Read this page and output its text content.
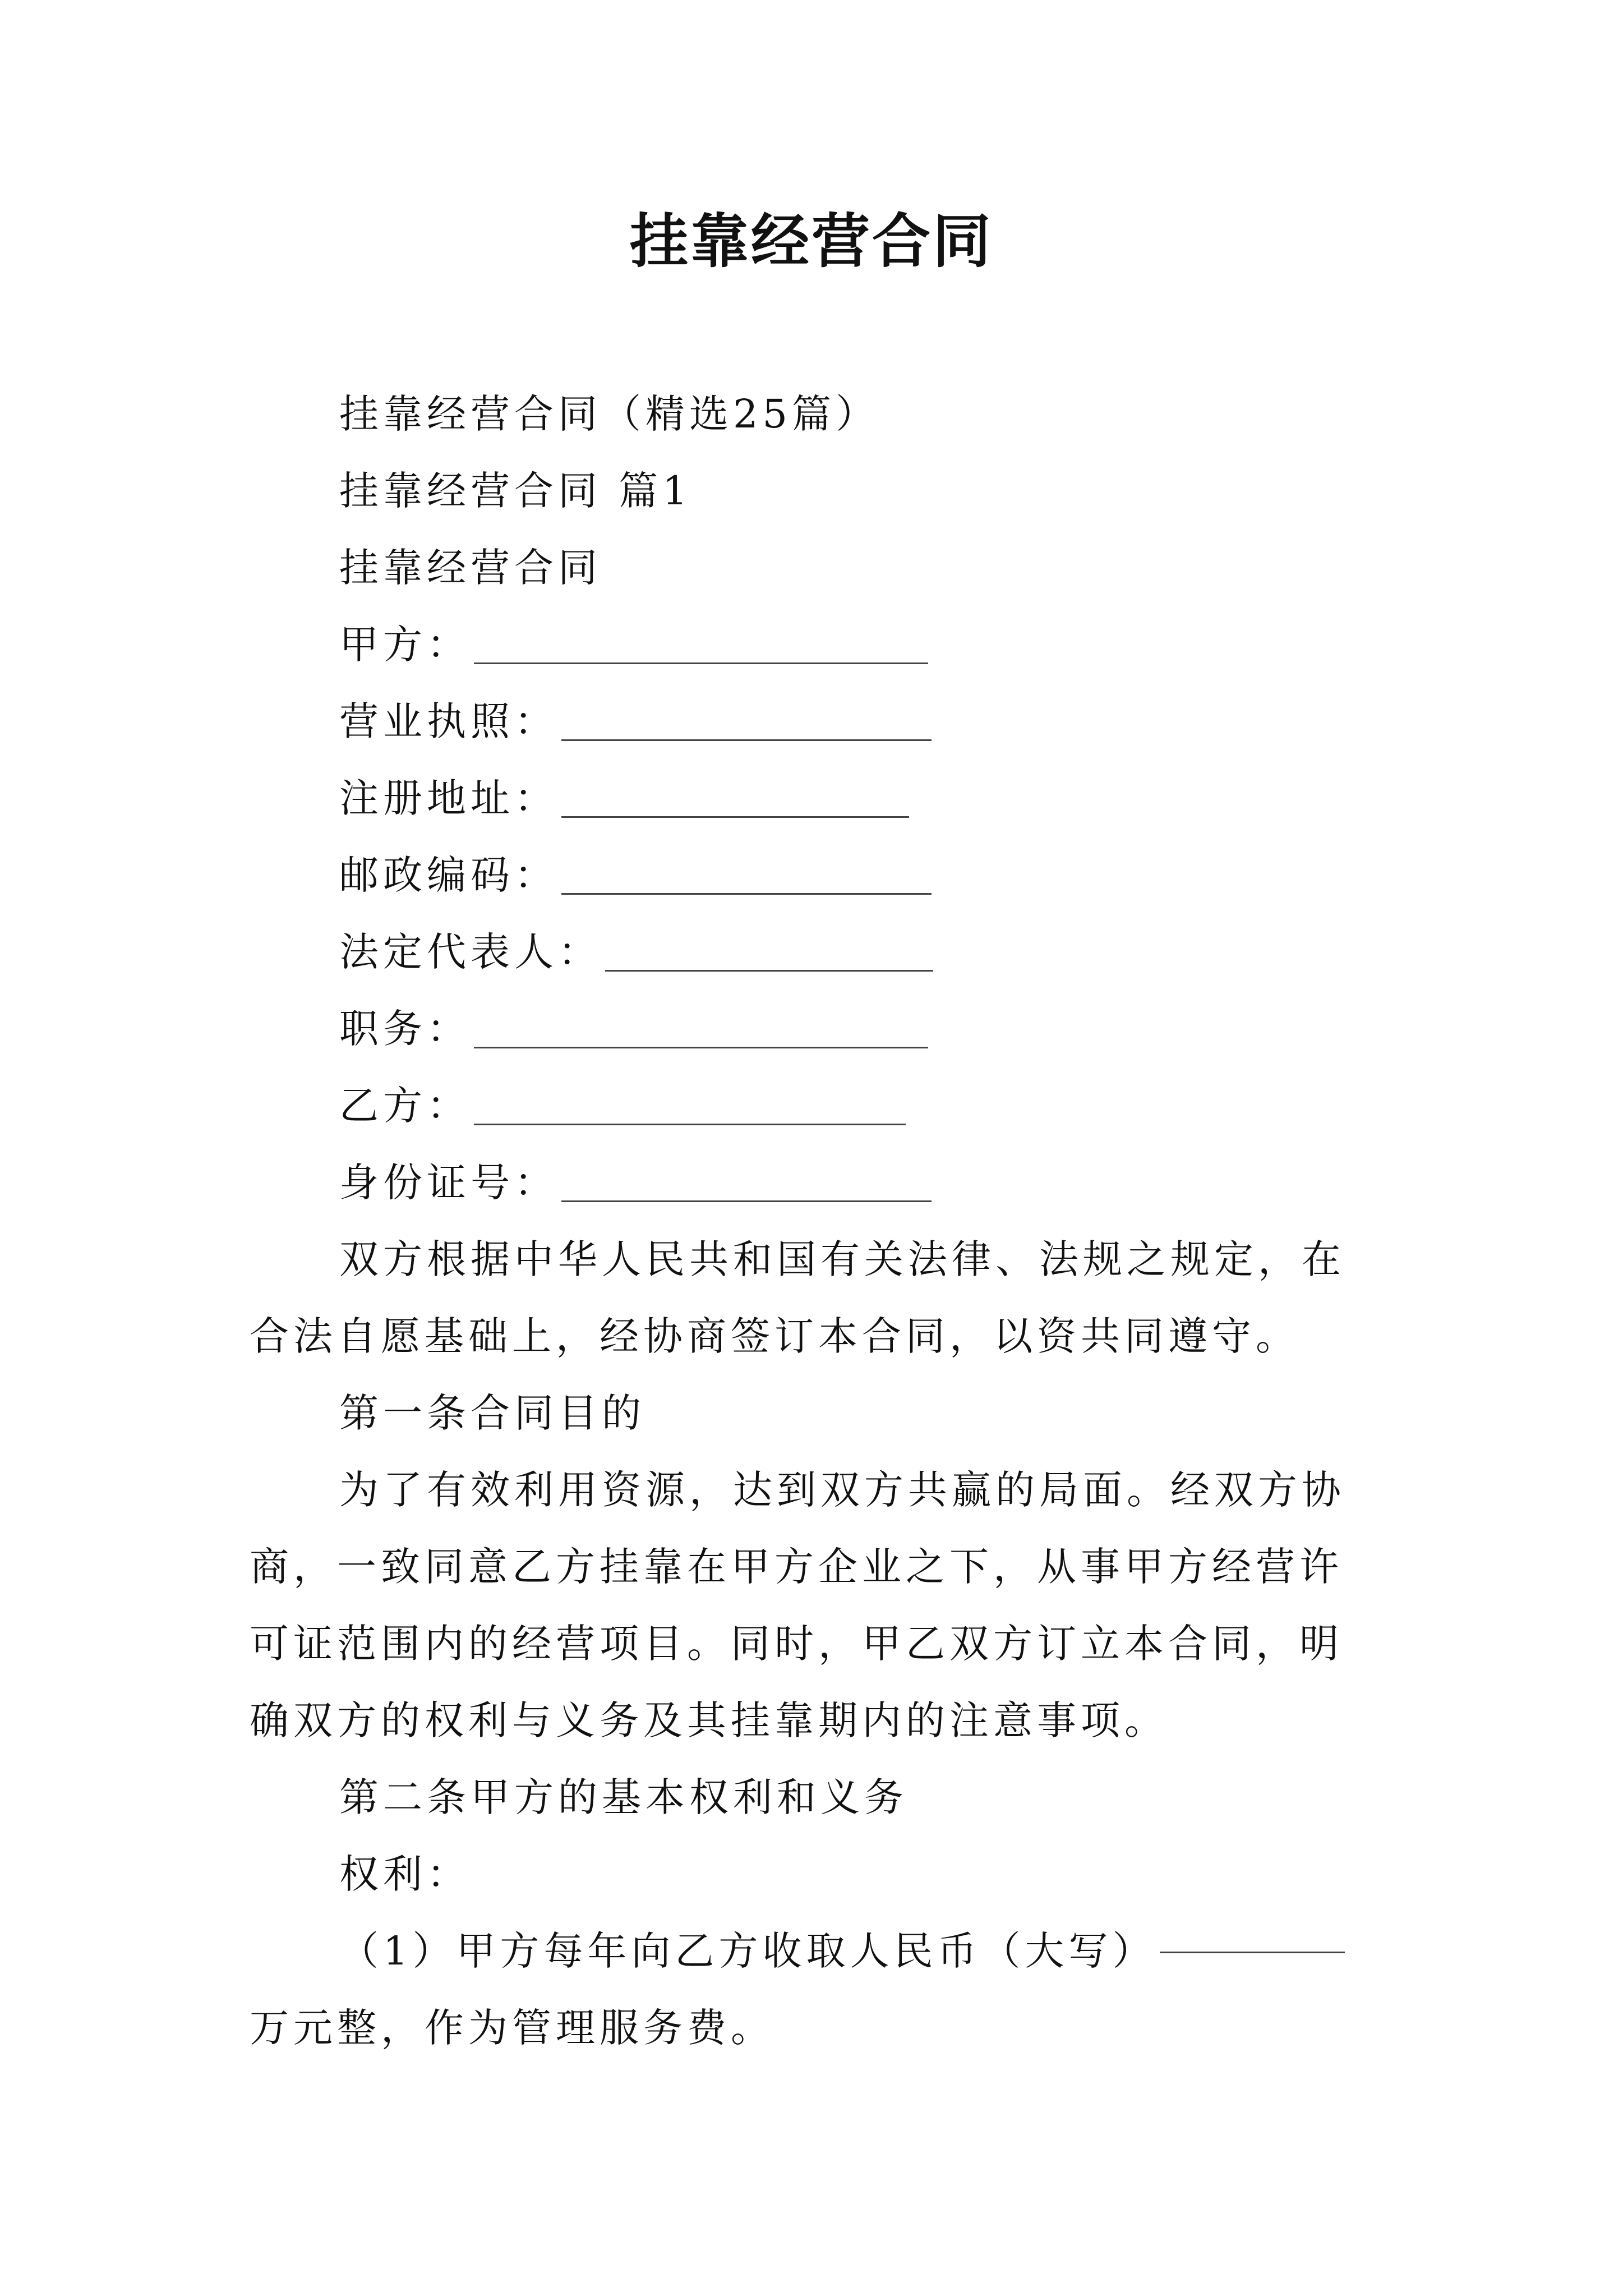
挂靠经营合同

挂靠经营合同（精选25篇）

挂靠经营合同 篇1

挂靠经营合同

甲方：

营业执照：

注册地址：

邮政编码：

法定代表人：

职务：

乙方：

身份证号：

双方根据中华人民共和国有关法律、法规之规定，在合法自愿基础上，经协商签订本合同，以资共同遵守。

第一条合同目的

为了有效利用资源，达到双方共赢的局面。经双方协商，一致同意乙方挂靠在甲方企业之下，从事甲方经营许可证范围内的经营项目。同时，甲乙双方订立本合同，明确双方的权利与义务及其挂靠期内的注意事项。

第二条甲方的基本权利和义务

权利：

（1）甲方每年向乙方收取人民币（大写）万元整，作为管理服务费。
